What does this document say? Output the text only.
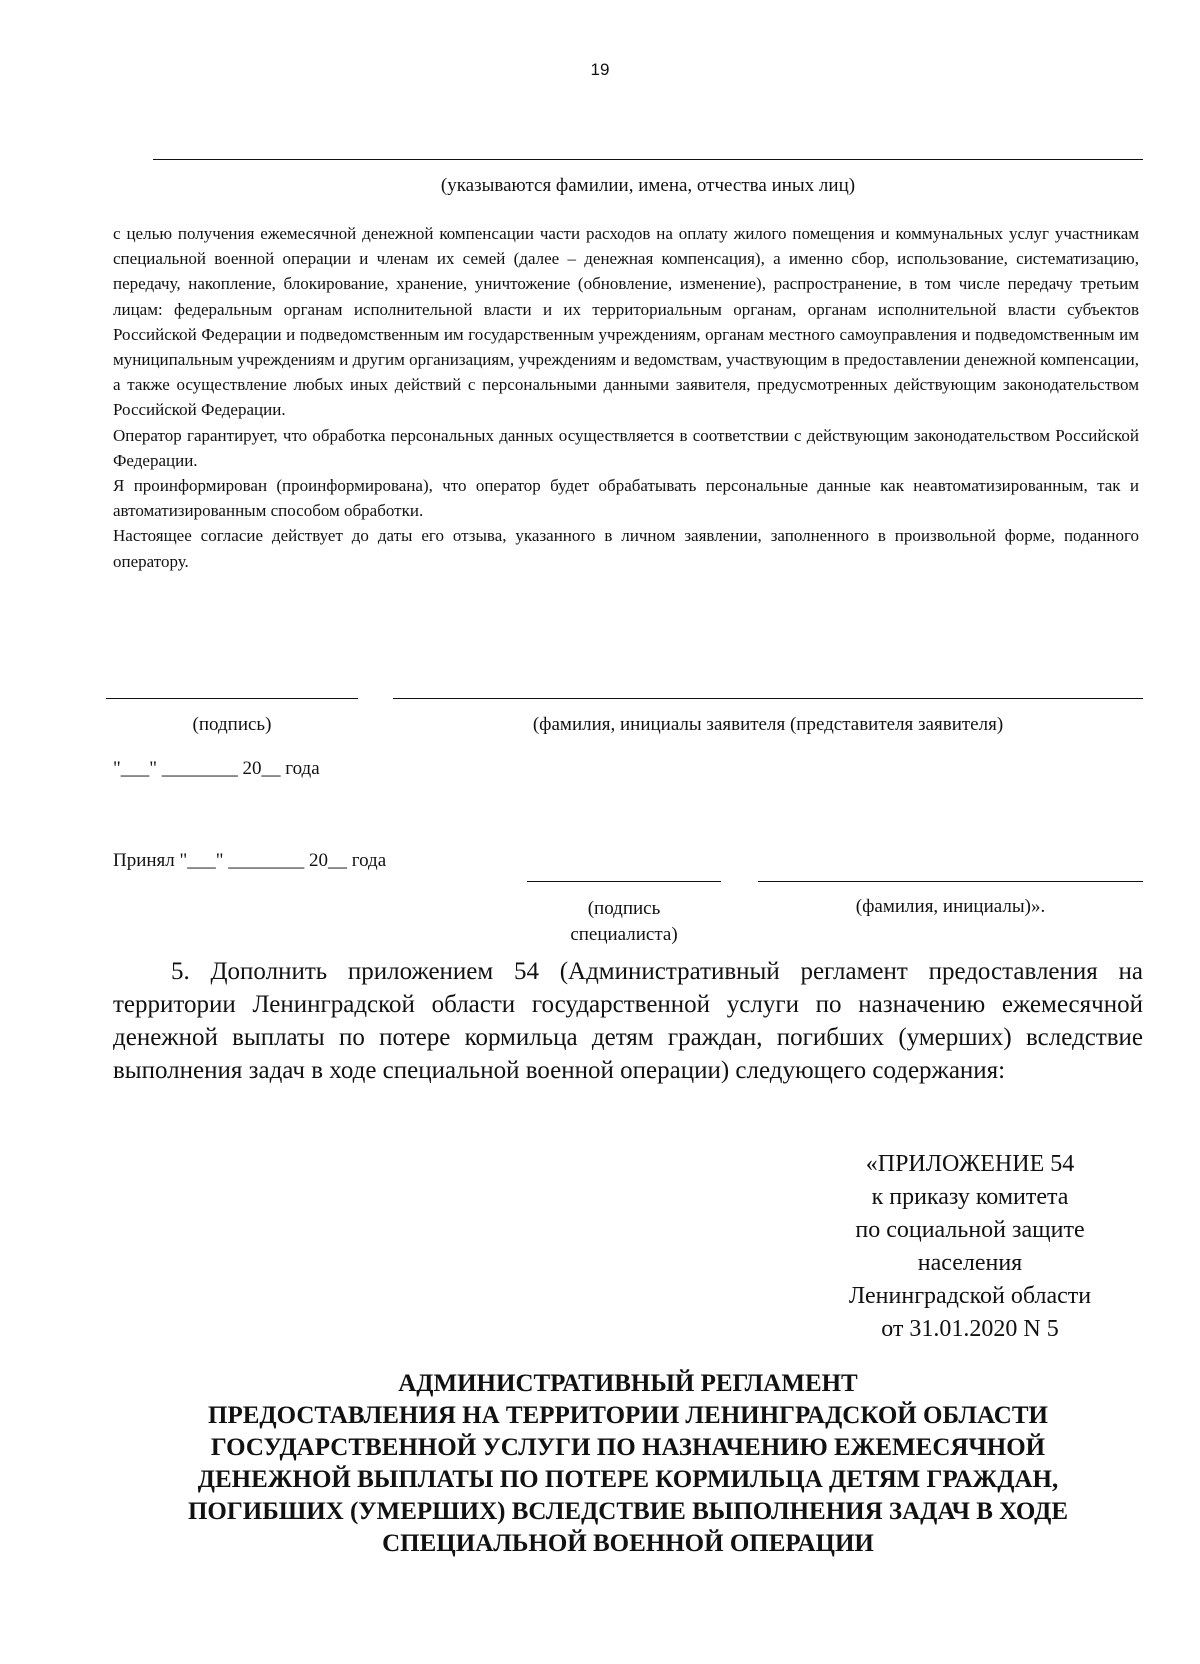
19
(указываются фамилии, имена, отчества иных лиц)

с целью получения ежемесячной денежной компенсации части расходов на оплату жилого помещения и коммунальных услуг участникам специальной военной операции и членам их семей (далее – денежная компенсация), а именно сбор, использование, систематизацию, передачу, накопление, блокирование, хранение, уничтожение (обновление, изменение), распространение, в том числе передачу третьим лицам: федеральным органам исполнительной власти и их территориальным органам, органам исполнительной власти субъектов Российской Федерации и подведомственным им государственным учреждениям, органам местного самоуправления и подведомственным им муниципальным учреждениям и другим организациям, учреждениям и ведомствам, участвующим в предоставлении денежной компенсации, а также осуществление любых иных действий с персональными данными заявителя, предусмотренных действующим законодательством Российской Федерации.

Оператор гарантирует, что обработка персональных данных осуществляется в соответствии с действующим законодательством Российской Федерации.

Я проинформирован (проинформирована), что оператор будет обрабатывать персональные данные как неавтоматизированным, так и автоматизированным способом обработки.

Настоящее согласие действует до даты его отзыва, указанного в личном заявлении, заполненного в произвольной форме, поданного оператору.

(подпись)	(фамилия, инициалы заявителя (представителя заявителя)
"___" ________ 20__ года
Принял "___" ________ 20__ года
(подпись
специалиста)
(фамилия, инициалы)».
5. Дополнить приложением 54 (Административный регламент предоставления на территории Ленинградской области государственной услуги по назначению ежемесячной денежной выплаты по потере кормильца детям граждан, погибших (умерших) вследствие выполнения задач в ходе специальной военной операции) следующего содержания:
«ПРИЛОЖЕНИЕ 54
к приказу комитета
по социальной защите
населения
Ленинградской области
от 31.01.2020 N 5
АДМИНИСТРАТИВНЫЙ РЕГЛАМЕНТ
ПРЕДОСТАВЛЕНИЯ НА ТЕРРИТОРИИ ЛЕНИНГРАДСКОЙ ОБЛАСТИ
ГОСУДАРСТВЕННОЙ УСЛУГИ ПО НАЗНАЧЕНИЮ ЕЖЕМЕСЯЧНОЙ
ДЕНЕЖНОЙ ВЫПЛАТЫ ПО ПОТЕРЕ КОРМИЛЬЦА ДЕТЯМ ГРАЖДАН,
ПОГИБШИХ (УМЕРШИХ) ВСЛЕДСТВИЕ ВЫПОЛНЕНИЯ ЗАДАЧ В ХОДЕ
СПЕЦИАЛЬНОЙ ВОЕННОЙ ОПЕРАЦИИ
